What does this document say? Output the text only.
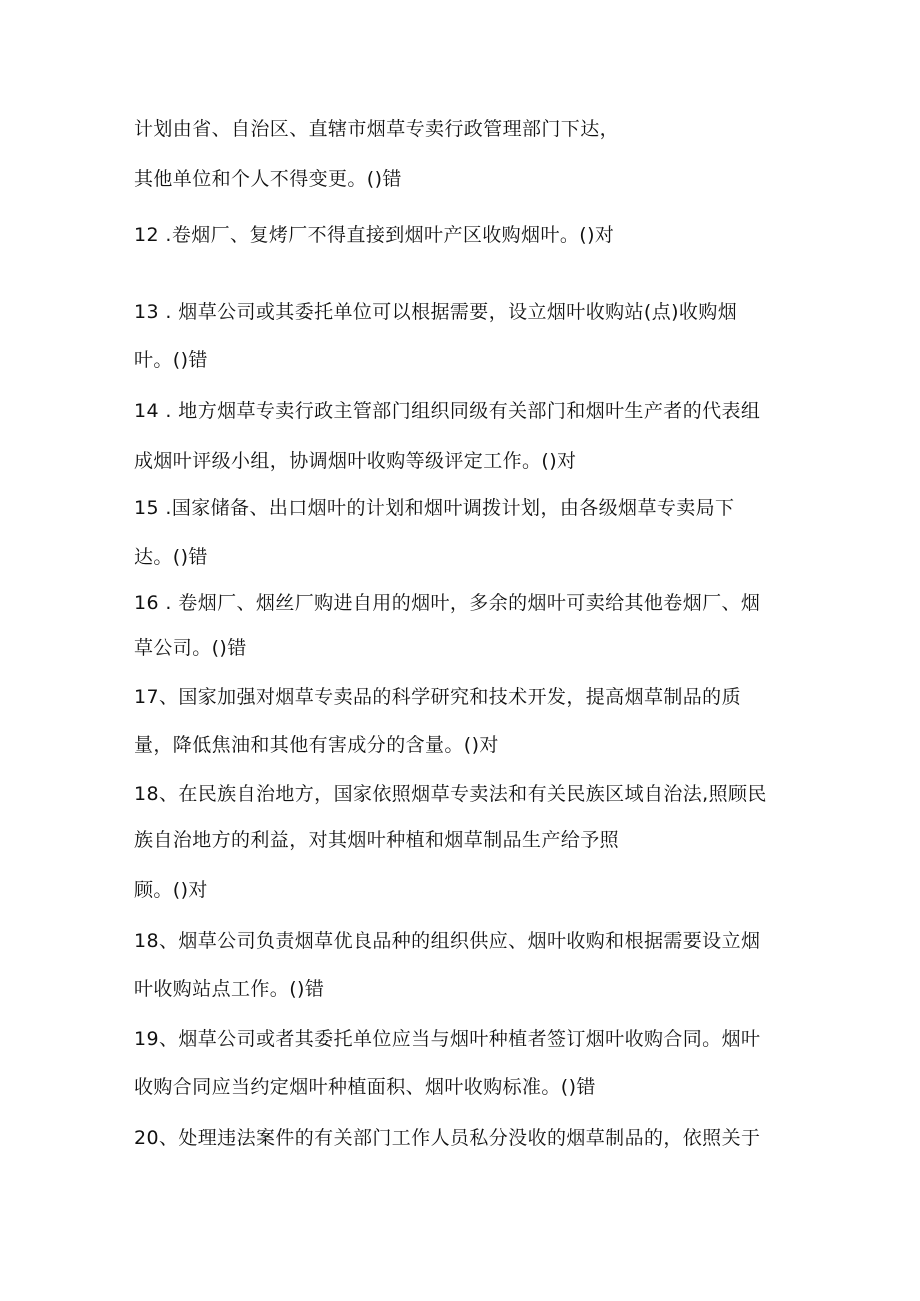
计划由省、自治区、直辖市烟草专卖行政管理部门下达，

其他单位和个人不得变更。()错

12 .卷烟厂、复烤厂不得直接到烟叶产区收购烟叶。()对

13 . 烟草公司或其委托单位可以根据需要，设立烟叶收购站(点)收购烟

叶。()错

14 . 地方烟草专卖行政主管部门组织同级有关部门和烟叶生产者的代表组

成烟叶评级小组，协调烟叶收购等级评定工作。()对

15 .国家储备、出口烟叶的计划和烟叶调拨计划，由各级烟草专卖局下

达。()错

16 . 卷烟厂、烟丝厂购进自用的烟叶，多余的烟叶可卖给其他卷烟厂、烟

草公司。()错

17、国家加强对烟草专卖品的科学研究和技术开发，提高烟草制品的质

量，降低焦油和其他有害成分的含量。()对

18、在民族自治地方，国家依照烟草专卖法和有关民族区域自治法,照顾民

族自治地方的利益，对其烟叶种植和烟草制品生产给予照

顾。()对

18、烟草公司负责烟草优良品种的组织供应、烟叶收购和根据需要设立烟

叶收购站点工作。()错

19、烟草公司或者其委托单位应当与烟叶种植者签订烟叶收购合同。烟叶

收购合同应当约定烟叶种植面积、烟叶收购标准。()错

20、处理违法案件的有关部门工作人员私分没收的烟草制品的，依照关于
